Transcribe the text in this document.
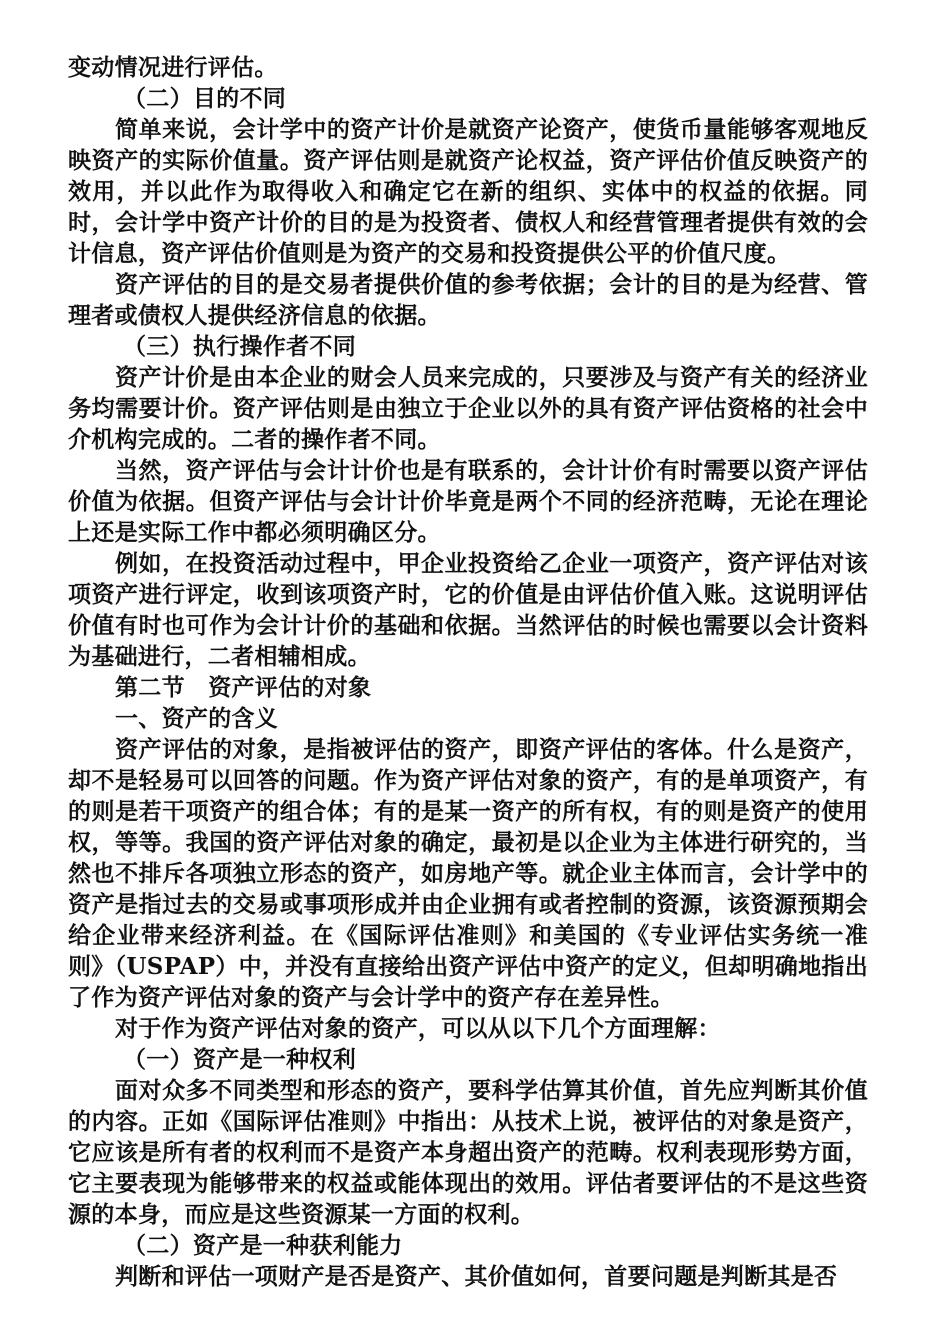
变动情况进行评估。

（二）目的不同

简单来说，会计学中的资产计价是就资产论资产，使货币量能够客观地反映资产的实际价值量。资产评估则是就资产论权益，资产评估价值反映资产的效用，并以此作为取得收入和确定它在新的组织、实体中的权益的依据。同时，会计学中资产计价的目的是为投资者、债权人和经营管理者提供有效的会计信息，资产评估价值则是为资产的交易和投资提供公平的价值尺度。

资产评估的目的是交易者提供价值的参考依据；会计的目的是为经营、管理者或债权人提供经济信息的依据。

（三）执行操作者不同

资产计价是由本企业的财会人员来完成的，只要涉及与资产有关的经济业务均需要计价。资产评估则是由独立于企业以外的具有资产评估资格的社会中介机构完成的。二者的操作者不同。

当然，资产评估与会计计价也是有联系的，会计计价有时需要以资产评估价值为依据。但资产评估与会计计价毕竟是两个不同的经济范畴，无论在理论上还是实际工作中都必须明确区分。

例如，在投资活动过程中，甲企业投资给乙企业一项资产，资产评估对该项资产进行评定，收到该项资产时，它的价值是由评估价值入账。这说明评估价值有时也可作为会计计价的基础和依据。当然评估的时候也需要以会计资料为基础进行，二者相辅相成。

第二节　资产评估的对象

一、资产的含义

资产评估的对象，是指被评估的资产，即资产评估的客体。什么是资产，却不是轻易可以回答的问题。作为资产评估对象的资产，有的是单项资产，有的则是若干项资产的组合体；有的是某一资产的所有权，有的则是资产的使用权，等等。我国的资产评估对象的确定，最初是以企业为主体进行研究的，当然也不排斥各项独立形态的资产，如房地产等。就企业主体而言，会计学中的资产是指过去的交易或事项形成并由企业拥有或者控制的资源，该资源预期会给企业带来经济利益。在《国际评估准则》和美国的《专业评估实务统一准则》（USPAP）中，并没有直接给出资产评估中资产的定义，但却明确地指出了作为资产评估对象的资产与会计学中的资产存在差异性。

对于作为资产评估对象的资产，可以从以下几个方面理解：

（一）资产是一种权利

面对众多不同类型和形态的资产，要科学估算其价值，首先应判断其价值的内容。正如《国际评估准则》中指出：从技术上说，被评估的对象是资产，它应该是所有者的权利而不是资产本身超出资产的范畴。权利表现形势方面，它主要表现为能够带来的权益或能体现出的效用。评估者要评估的不是这些资源的本身，而应是这些资源某一方面的权利。

（二）资产是一种获利能力

判断和评估一项财产是否是资产、其价值如何，首要问题是判断其是否
